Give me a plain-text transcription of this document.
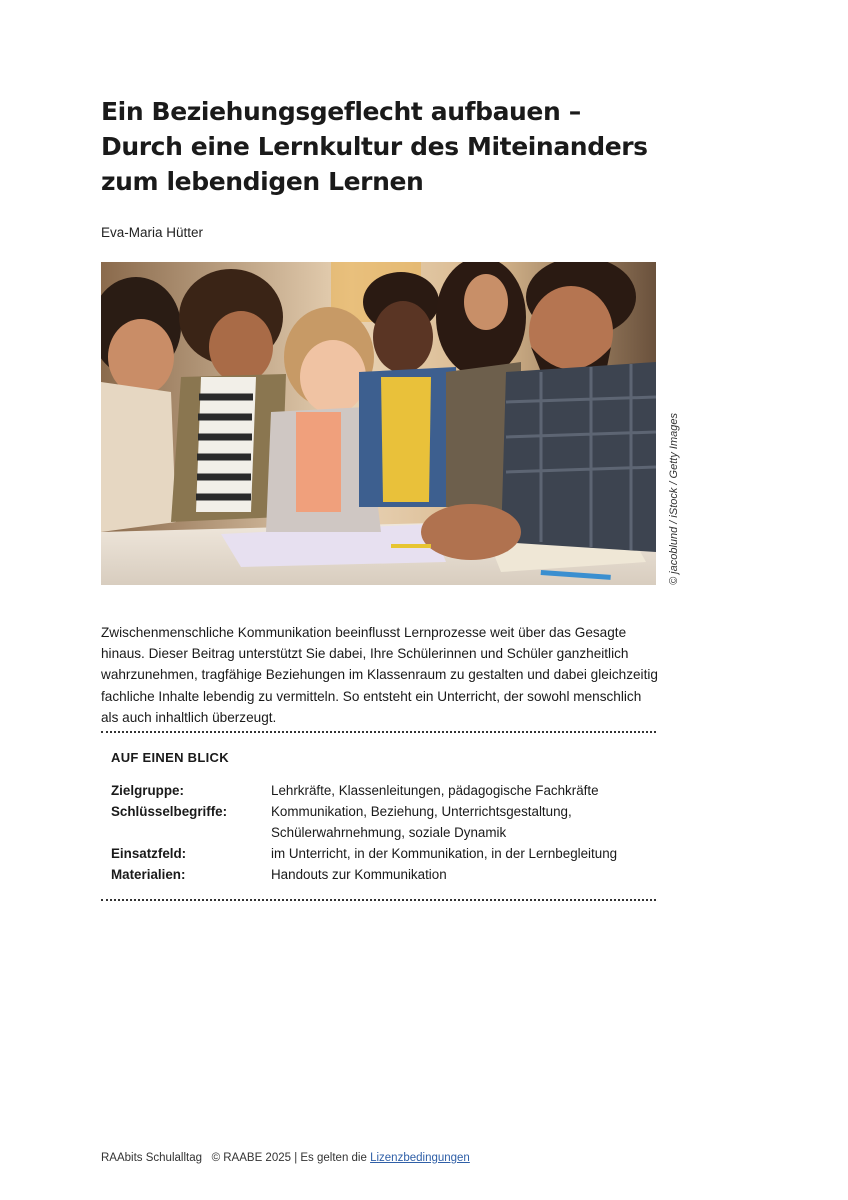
Ein Beziehungsgeflecht aufbauen – Durch eine Lernkultur des Miteinanders zum lebendigen Lernen
Eva-Maria Hütter
© jacoblund / iStock / Getty Images

Zwischenmenschliche Kommunikation beeinflusst Lernprozesse weit über das Gesagte hinaus. Dieser Beitrag unterstützt Sie dabei, Ihre Schülerinnen und Schüler ganzheitlich wahrzunehmen, tragfähige Beziehungen im Klassenraum zu gestalten und dabei gleichzeitig fachliche Inhalte lebendig zu vermitteln. So entsteht ein Unterricht, der sowohl menschlich als auch inhaltlich überzeugt.

AUF EINEN BLICK
Zielgruppe:	Lehrkräfte, Klassenleitungen, pädagogische Fachkräfte
Schlüsselbegriffe:	Kommunikation, Beziehung, Unterrichtsgestaltung, Schülerwahrnehmung, soziale Dynamik
Einsatzfeld:	im Unterricht, in der Kommunikation, in der Lernbegleitung
Materialien:	Handouts zur Kommunikation
RAAbits Schulalltag   © RAABE 2025 | Es gelten die Lizenzbedingungen
